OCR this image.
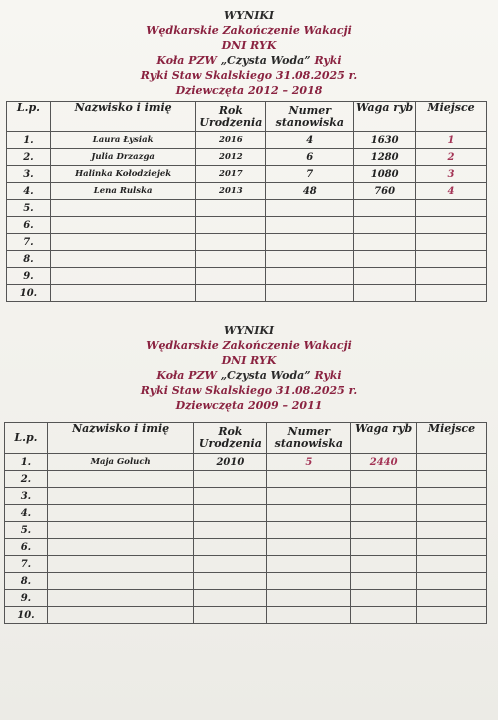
WYNIKI
Wędkarskie Zakończenie Wakacji
DNI RYK
Koła PZW „Czysta Woda” Ryki
Ryki Staw Skalskiego 31.08.2025 r.
Dziewczęta 2012 – 2018
L.p.	Nazwisko i imię	Rok Urodzenia	Numer stanowiska	Waga ryb	Miejsce
1.	Laura Łysiak	2016	4	1630	1
2.	Julia Drzazga	2012	6	1280	2
3.	Halinka Kołodziejek	2017	7	1080	3
4.	Lena Rulska	2013	48	760	4
5.					
6.					
7.					
8.					
9.					
10.					
WYNIKI
Wędkarskie Zakończenie Wakacji
DNI RYK
Koła PZW „Czysta Woda” Ryki
Ryki Staw Skalskiego 31.08.2025 r.
Dziewczęta 2009 – 2011
L.p.	Nazwisko i imię	Rok Urodzenia	Numer stanowiska	Waga ryb	Miejsce
1.	Maja Goluch	2010	5	2440	
2.					
3.					
4.					
5.					
6.					
7.					
8.					
9.					
10.					
